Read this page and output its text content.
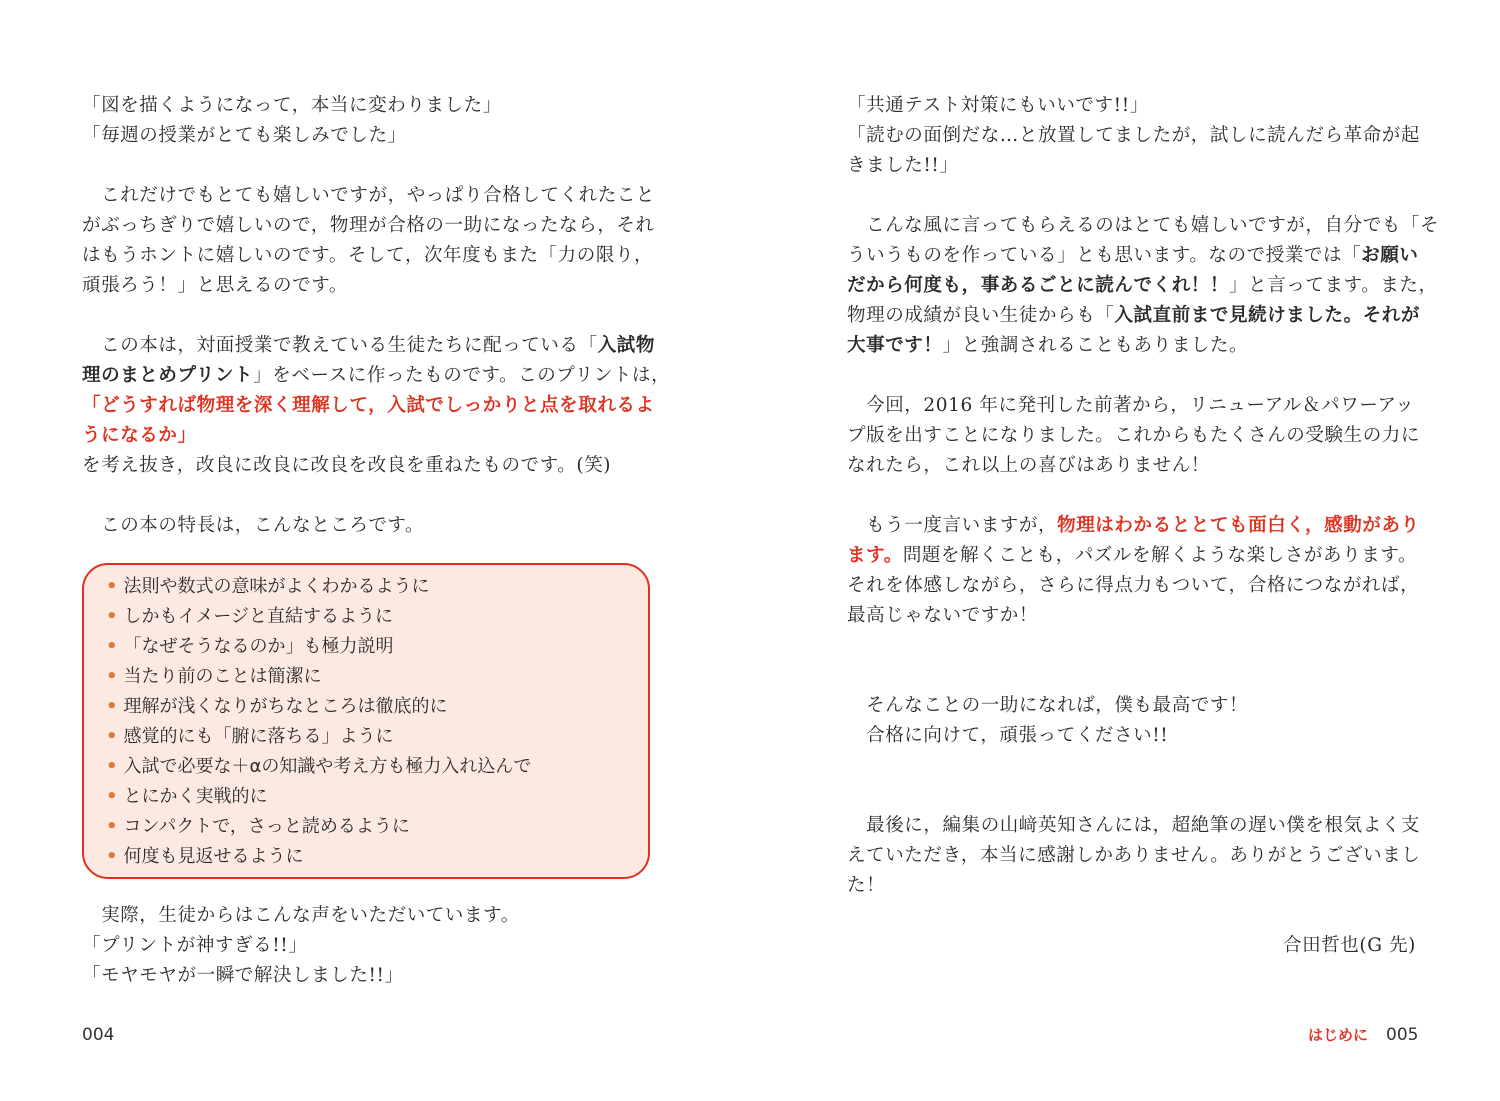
「図を描くようになって，本当に変わりました」
「毎週の授業がとても楽しみでした」
　これだけでもとても嬉しいですが，やっぱり合格してくれたこと
がぶっちぎりで嬉しいので，物理が合格の一助になったなら，それ
はもうホントに嬉しいのです。そして，次年度もまた「力の限り，
頑張ろう！」と思えるのです。
　この本は，対面授業で教えている生徒たちに配っている「入試物
理のまとめプリント」をベースに作ったものです。このプリントは，
「どうすれば物理を深く理解して，入試でしっかりと点を取れるよ
うになるか」
を考え抜き，改良に改良に改良を改良を重ねたものです。(笑)
　この本の特長は，こんなところです。
• 法則や数式の意味がよくわかるように
• しかもイメージと直結するように
• 「なぜそうなるのか」も極力説明
• 当たり前のことは簡潔に
• 理解が浅くなりがちなところは徹底的に
• 感覚的にも「腑に落ちる」ように
• 入試で必要な＋αの知識や考え方も極力入れ込んで
• とにかく実戦的に
• コンパクトで，さっと読めるように
• 何度も見返せるように
　実際，生徒からはこんな声をいただいています。
「プリントが神すぎる!!」
「モヤモヤが一瞬で解決しました!!」
004
「共通テスト対策にもいいです!!」
「読むの面倒だな…と放置してましたが，試しに読んだら革命が起
きました!!」
　こんな風に言ってもらえるのはとても嬉しいですが，自分でも「そ
ういうものを作っている」とも思います。なので授業では「お願い
だから何度も，事あるごとに読んでくれ！！」と言ってます。また，
物理の成績が良い生徒からも「入試直前まで見続けました。それが
大事です！」と強調されることもありました。
　今回，2016 年に発刊した前著から，リニューアル＆パワーアッ
プ版を出すことになりました。これからもたくさんの受験生の力に
なれたら，これ以上の喜びはありません！
　もう一度言いますが，物理はわかるととても面白く，感動があり
ます。問題を解くことも，パズルを解くような楽しさがあります。
それを体感しながら，さらに得点力もついて，合格につながれば，
最高じゃないですか！
　そんなことの一助になれば，僕も最高です！
　合格に向けて，頑張ってください!!
　最後に，編集の山﨑英知さんには，超絶筆の遅い僕を根気よく支
えていただき，本当に感謝しかありません。ありがとうございまし
た！
合田哲也(G 先)
はじめに 005
